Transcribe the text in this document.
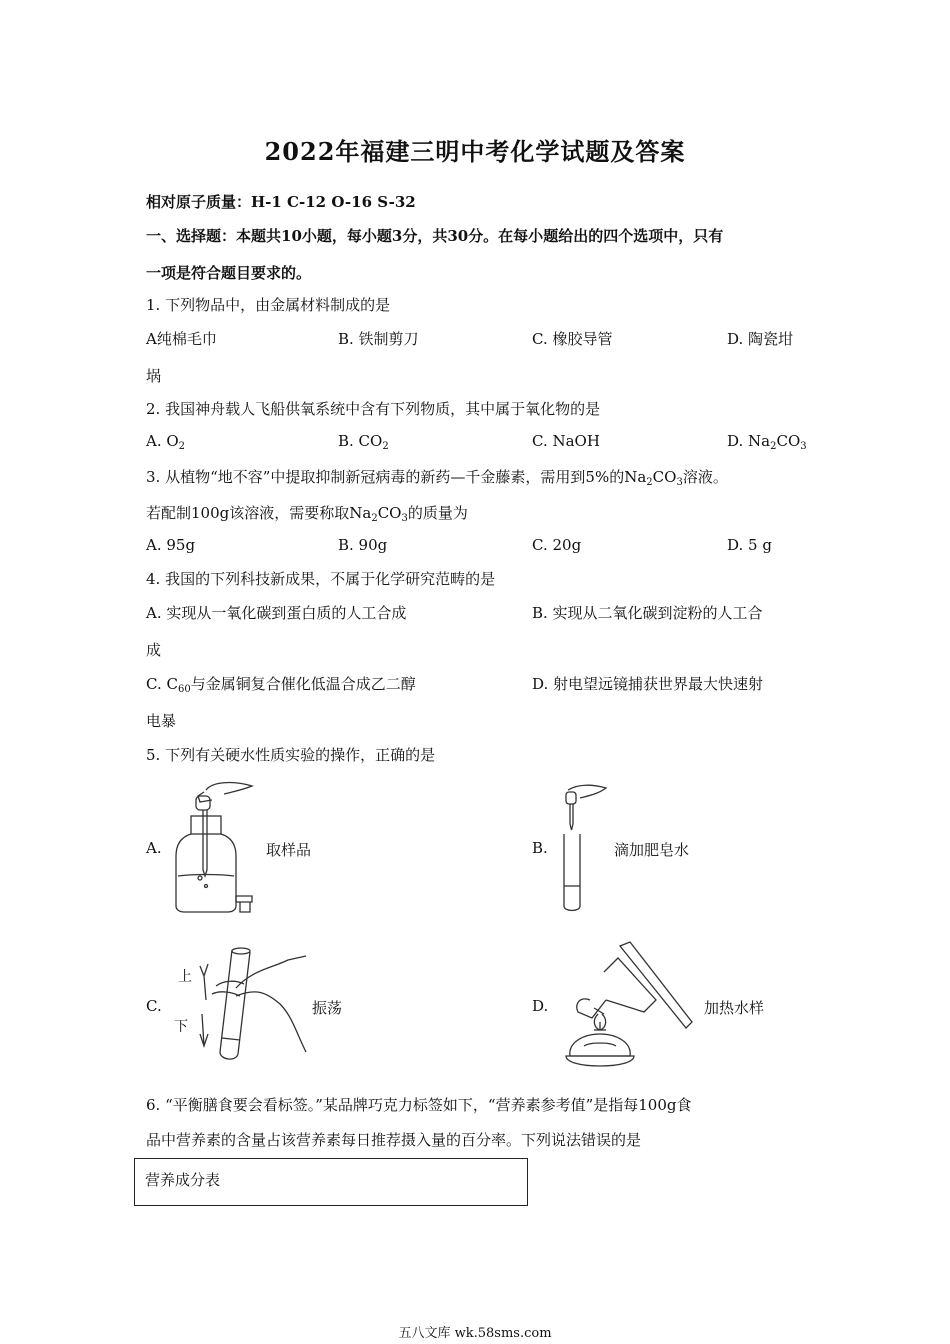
2022年福建三明中考化学试题及答案
相对原子质量：H-1 C-12 O-16 S-32
一、选择题：本题共10小题，每小题3分，共30分。在每小题给出的四个选项中，只有
一项是符合题目要求的。
1. 下列物品中，由金属材料制成的是
A纯棉毛巾	B. 铁制剪刀	C. 橡胶导管	D. 陶瓷坩
埚
2. 我国神舟载人飞船供氧系统中含有下列物质，其中属于氧化物的是
A. $O_2$	B. $CO_2$	C. NaOH	D. $Na_2CO_3$
3. 从植物“地不容”中提取抑制新冠病毒的新药—千金藤素，需用到5%的$Na_2CO_3$溶液。
若配制100g该溶液，需要称取$Na_2CO_3$的质量为
A. 95g	B. 90g	C. 20g	D. 5 g
4. 我国的下列科技新成果，不属于化学研究范畴的是
A. 实现从一氧化碳到蛋白质的人工合成	B. 实现从二氧化碳到淀粉的人工合
成
C. $C_{60}$与金属铜复合催化低温合成乙二醇	D. 射电望远镜捕获世界最大快速射
电暴
5. 下列有关硬水性质实验的操作，正确的是
A.	取样品	B.	滴加肥皂水
C.
上
下
振荡	D.	加热水样
6. “平衡膳食要会看标签。”某品牌巧克力标签如下，“营养素参考值”是指每100g食
品中营养素的含量占该营养素每日推荐摄入量的百分率。下列说法错误的是
营养成分表
五八文库 wk.58sms.com
